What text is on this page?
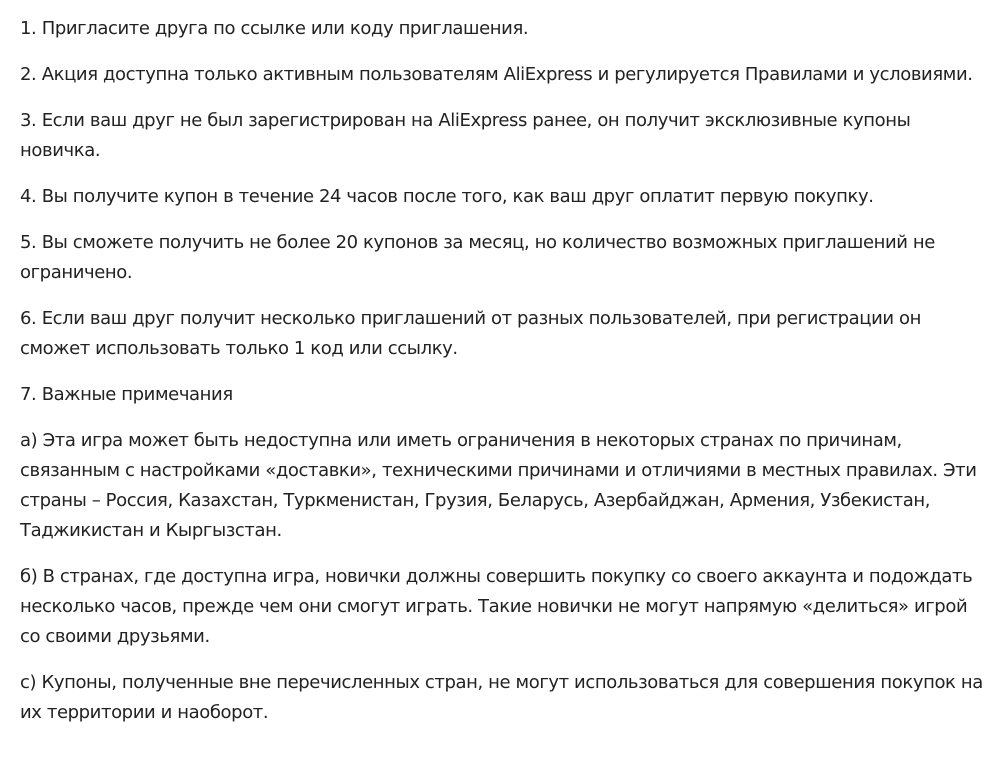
1. Пригласите друга по ссылке или коду приглашения.

2. Акция доступна только активным пользователям AliExpress и регулируется Правилами и условиями.

3. Если ваш друг не был зарегистрирован на AliExpress ранее, он получит эксклюзивные купоны новичка.

4. Вы получите купон в течение 24 часов после того, как ваш друг оплатит первую покупку.

5. Вы сможете получить не более 20 купонов за месяц, но количество возможных приглашений не ограничено.

6. Если ваш друг получит несколько приглашений от разных пользователей, при регистрации он сможет использовать только 1 код или ссылку.

7. Важные примечания

а) Эта игра может быть недоступна или иметь ограничения в некоторых странах по причинам, связанным с настройками «доставки», техническими причинами и отличиями в местных правилах. Эти страны – Россия, Казахстан, Туркменистан, Грузия, Беларусь, Азербайджан, Армения, Узбекистан, Таджикистан и Кыргызстан.

б) В странах, где доступна игра, новички должны совершить покупку со своего аккаунта и подождать несколько часов, прежде чем они смогут играть. Такие новички не могут напрямую «делиться» игрой со своими друзьями.

с) Купоны, полученные вне перечисленных стран, не могут использоваться для совершения покупок на их территории и наоборот.
